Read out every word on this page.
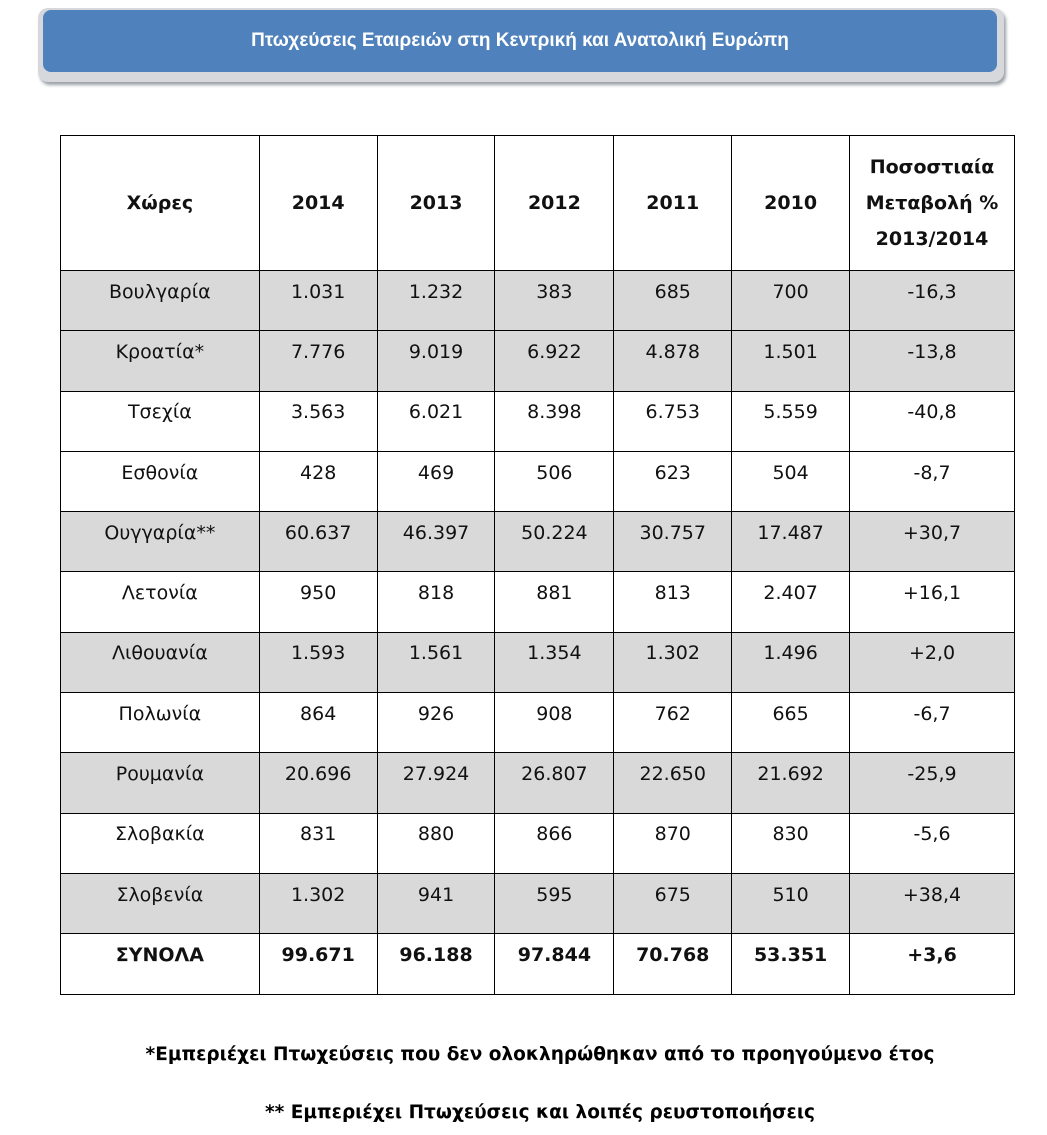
Πτωχεύσεις Εταιρειών στη Κεντρική και Ανατολική Ευρώπη
Χώρες	2014	2013	2012	2011	2010	Ποσοστιαία Μεταβολή % 2013/2014
Βουλγαρία	1.031	1.232	383	685	700	-16,3
Κροατία*	7.776	9.019	6.922	4.878	1.501	-13,8
Τσεχία	3.563	6.021	8.398	6.753	5.559	-40,8
Εσθονία	428	469	506	623	504	-8,7
Ουγγαρία**	60.637	46.397	50.224	30.757	17.487	+30,7
Λετονία	950	818	881	813	2.407	+16,1
Λιθουανία	1.593	1.561	1.354	1.302	1.496	+2,0
Πολωνία	864	926	908	762	665	-6,7
Ρουμανία	20.696	27.924	26.807	22.650	21.692	-25,9
Σλοβακία	831	880	866	870	830	-5,6
Σλοβενία	1.302	941	595	675	510	+38,4
ΣΥΝΟΛΑ	99.671	96.188	97.844	70.768	53.351	+3,6
*Εμπεριέχει Πτωχεύσεις που δεν ολοκληρώθηκαν από το προηγούμενο έτος
** Εμπεριέχει Πτωχεύσεις και λοιπές ρευστοποιήσεις
